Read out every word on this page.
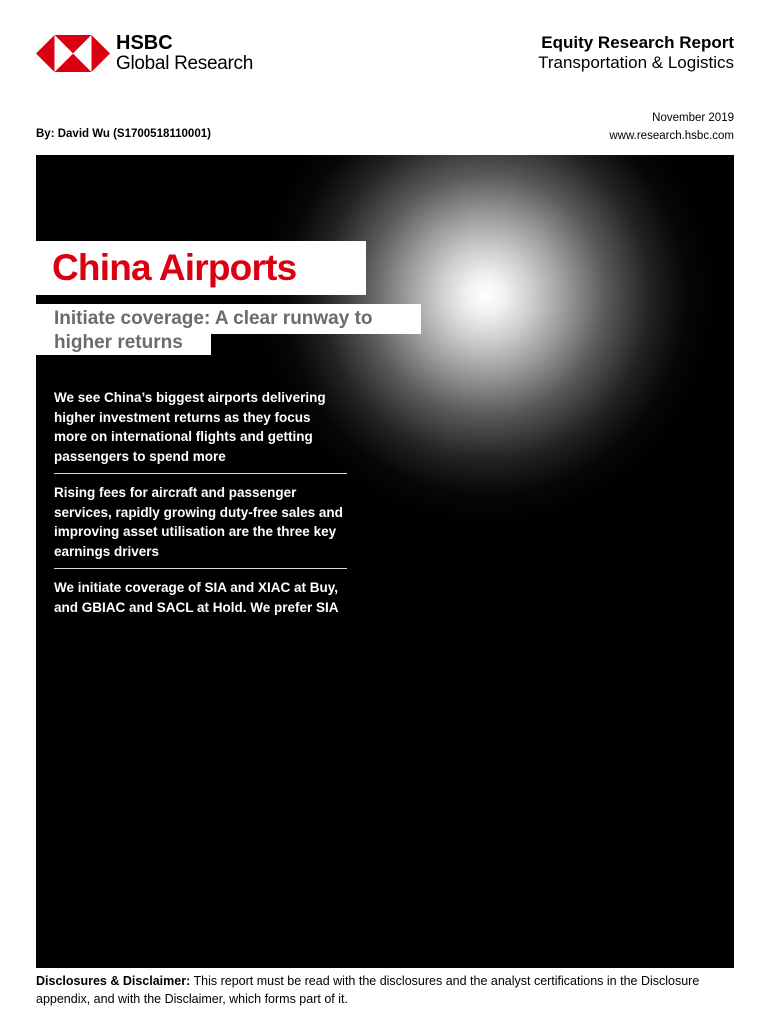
HSBC
Global Research
Equity Research Report
Transportation & Logistics
November 2019
www.research.hsbc.com
By: David Wu (S1700518110001)
China Airports
Initiate coverage: A clear runway to
higher returns
We see China’s biggest airports delivering higher investment returns as they focus more on international flights and getting passengers to spend more
Rising fees for aircraft and passenger services, rapidly growing duty-free sales and improving asset utilisation are the three key earnings drivers
We initiate coverage of SIA and XIAC at Buy, and GBIAC and SACL at Hold. We prefer SIA
Disclosures & Disclaimer: This report must be read with the disclosures and the analyst certifications in the Disclosure appendix, and with the Disclaimer, which forms part of it.
